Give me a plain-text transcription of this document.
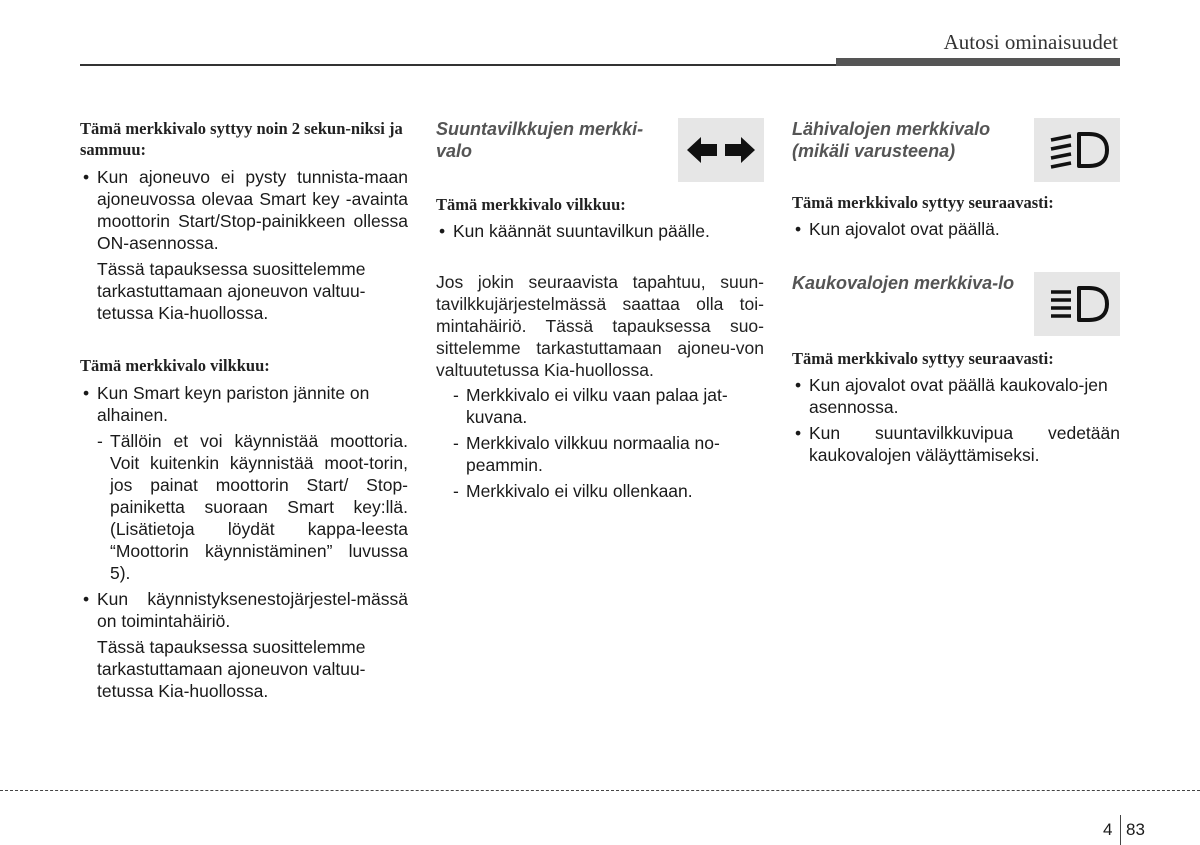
Autosi ominaisuudet

Tämä merkkivalo syttyy noin 2 sekun-niksi ja sammuu:

• Kun ajoneuvo ei pysty tunnista-maan ajoneuvossa olevaa Smart key -avainta moottorin Start/Stop-painikkeen ollessa ON-asennossa.

Tässä tapauksessa suosittelemme tarkastuttamaan ajoneuvon valtuu-tetussa Kia-huollossa.

Tämä merkkivalo vilkkuu:

• Kun Smart keyn pariston jännite on alhainen.

- Tällöin et voi käynnistää moottoria. Voit kuitenkin käynnistää moot-torin, jos painat moottorin Start/ Stop-painiketta suoraan Smart key:llä. (Lisätietoja löydät kappa-leesta “Moottorin käynnistäminen” luvussa 5).

• Kun käynnistyksenestojärjestel-mässä on toimintahäiriö.

Tässä tapauksessa suosittelemme tarkastuttamaan ajoneuvon valtuu-tetussa Kia-huollossa.

Suuntavilkkujen merkki-valo

Tämä merkkivalo vilkkuu:

• Kun käännät suuntavilkun päälle.

Jos jokin seuraavista tapahtuu, suun-tavilkkujärjestelmässä saattaa olla toi-mintahäiriö. Tässä tapauksessa suo-sittelemme tarkastuttamaan ajoneu-von valtuutetussa Kia-huollossa.

- Merkkivalo ei vilku vaan palaa jat-kuvana.

- Merkkivalo vilkkuu normaalia no-peammin.

- Merkkivalo ei vilku ollenkaan.

Lähivalojen merkkivalo (mikäli varusteena)

Tämä merkkivalo syttyy seuraavasti:

• Kun ajovalot ovat päällä.

Kaukovalojen merkkiva-lo

Tämä merkkivalo syttyy seuraavasti:

• Kun ajovalot ovat päällä kaukovalo-jen asennossa.

• Kun suuntavilkkuvipua vedetään kaukovalojen väläyttämiseksi.

4 83
